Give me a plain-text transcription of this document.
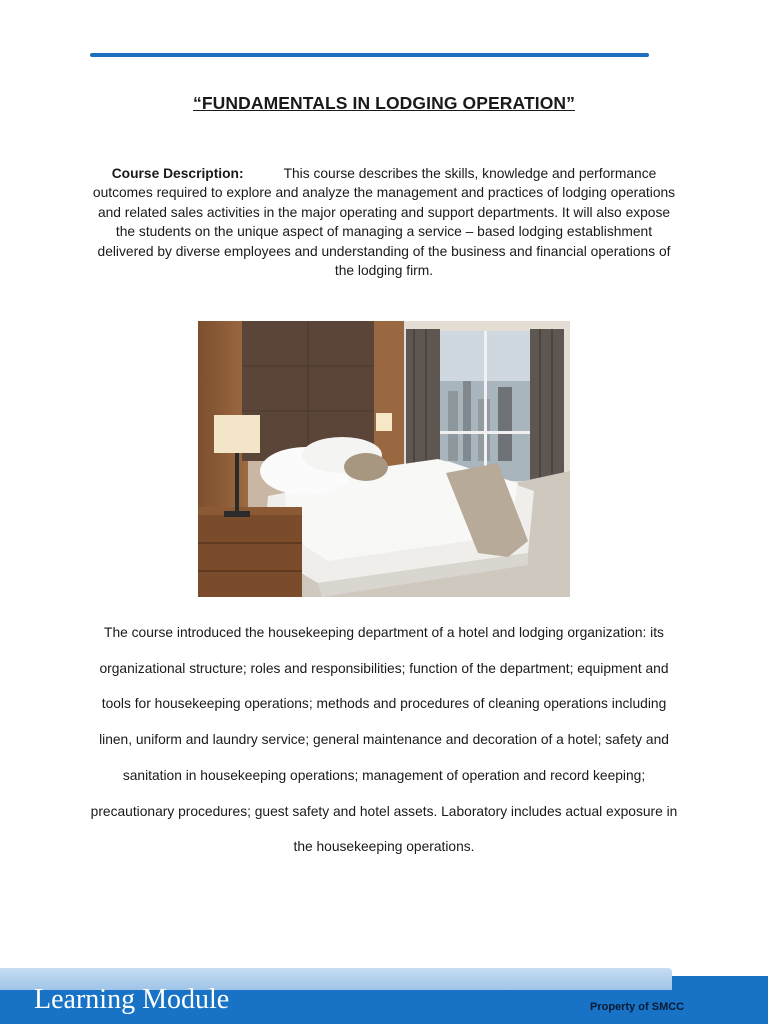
“FUNDAMENTALS IN LODGING OPERATION”
Course Description:	This course describes the skills, knowledge and performance outcomes required to explore and analyze the management and practices of lodging operations and related sales activities in the major operating and support departments. It will also expose the students on the unique aspect of managing a service – based lodging establishment delivered by diverse employees and understanding of the business and financial operations of the lodging firm.
The course introduced the housekeeping department of a hotel and lodging organization: its organizational structure; roles and responsibilities; function of the department; equipment and tools for housekeeping operations; methods and procedures of cleaning operations including linen, uniform and laundry service; general maintenance and decoration of a hotel; safety and sanitation in housekeeping operations; management of operation and record keeping; precautionary procedures; guest safety and hotel assets. Laboratory includes actual exposure in the housekeeping operations.
Learning Module	Property of SMCC
